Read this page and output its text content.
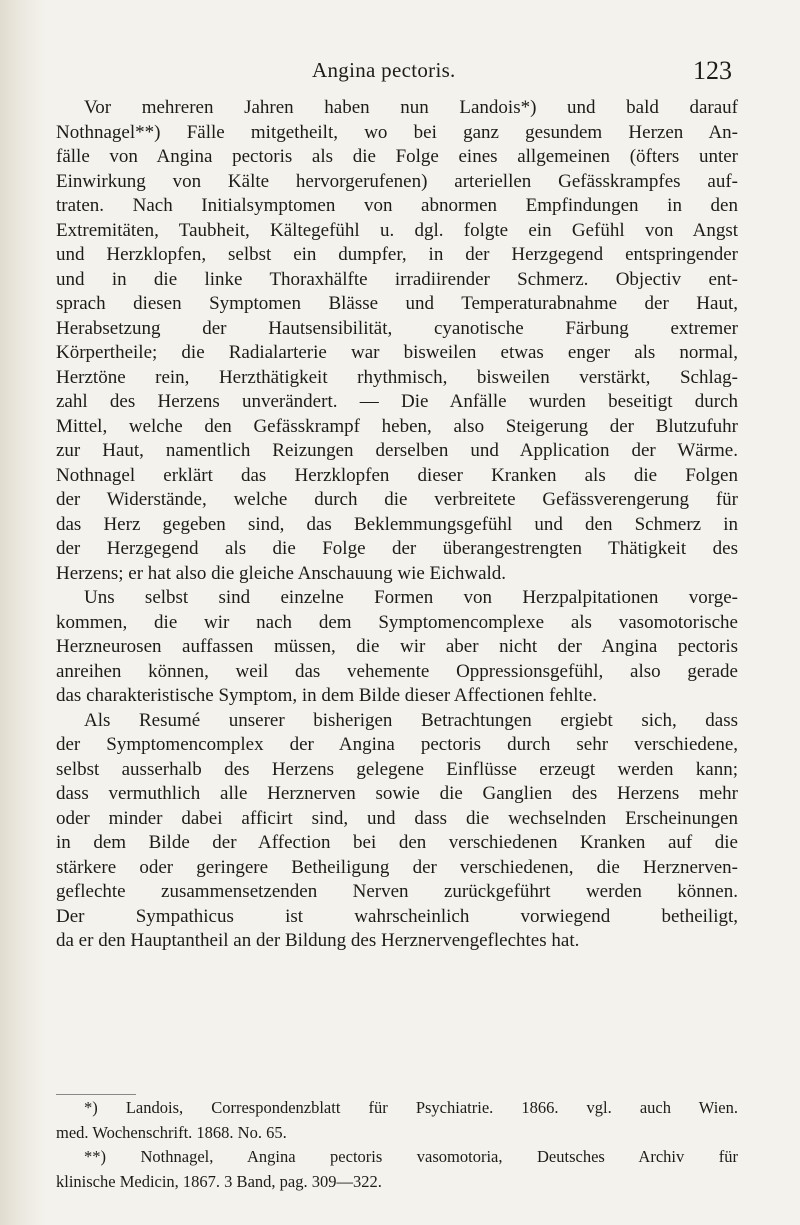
Angina pectoris.	123
Vor mehreren Jahren haben nun Landois*) und bald darauf
Nothnagel**) Fälle mitgetheilt, wo bei ganz gesundem Herzen An-
fälle von Angina pectoris als die Folge eines allgemeinen (öfters unter
Einwirkung von Kälte hervorgerufenen) arteriellen Gefässkrampfes auf-
traten. Nach Initialsymptomen von abnormen Empfindungen in den
Extremitäten, Taubheit, Kältegefühl u. dgl. folgte ein Gefühl von Angst
und Herzklopfen, selbst ein dumpfer, in der Herzgegend entspringender
und in die linke Thoraxhälfte irradiirender Schmerz. Objectiv ent-
sprach diesen Symptomen Blässe und Temperaturabnahme der Haut,
Herabsetzung der Hautsensibilität, cyanotische Färbung extremer
Körpertheile; die Radialarterie war bisweilen etwas enger als normal,
Herztöne rein, Herzthätigkeit rhythmisch, bisweilen verstärkt, Schlag-
zahl des Herzens unverändert. — Die Anfälle wurden beseitigt durch
Mittel, welche den Gefässkrampf heben, also Steigerung der Blutzufuhr
zur Haut, namentlich Reizungen derselben und Application der Wärme.
Nothnagel erklärt das Herzklopfen dieser Kranken als die Folgen
der Widerstände, welche durch die verbreitete Gefässverengerung für
das Herz gegeben sind, das Beklemmungsgefühl und den Schmerz in
der Herzgegend als die Folge der überangestrengten Thätigkeit des
Herzens; er hat also die gleiche Anschauung wie Eichwald.
Uns selbst sind einzelne Formen von Herzpalpitationen vorge-
kommen, die wir nach dem Symptomencomplexe als vasomotorische
Herzneurosen auffassen müssen, die wir aber nicht der Angina pectoris
anreihen können, weil das vehemente Oppressionsgefühl, also gerade
das charakteristische Symptom, in dem Bilde dieser Affectionen fehlte.
Als Resumé unserer bisherigen Betrachtungen ergiebt sich, dass
der Symptomencomplex der Angina pectoris durch sehr verschiedene,
selbst ausserhalb des Herzens gelegene Einflüsse erzeugt werden kann;
dass vermuthlich alle Herznerven sowie die Ganglien des Herzens mehr
oder minder dabei afficirt sind, und dass die wechselnden Erscheinungen
in dem Bilde der Affection bei den verschiedenen Kranken auf die
stärkere oder geringere Betheiligung der verschiedenen, die Herznerven-
geflechte zusammensetzenden Nerven zurückgeführt werden können.
Der Sympathicus ist wahrscheinlich vorwiegend betheiligt,
da er den Hauptantheil an der Bildung des Herznervengeflechtes hat.
*) Landois, Correspondenzblatt für Psychiatrie. 1866. vgl. auch Wien.
med. Wochenschrift. 1868. No. 65.
**) Nothnagel, Angina pectoris vasomotoria, Deutsches Archiv für
klinische Medicin, 1867. 3 Band, pag. 309—322.
